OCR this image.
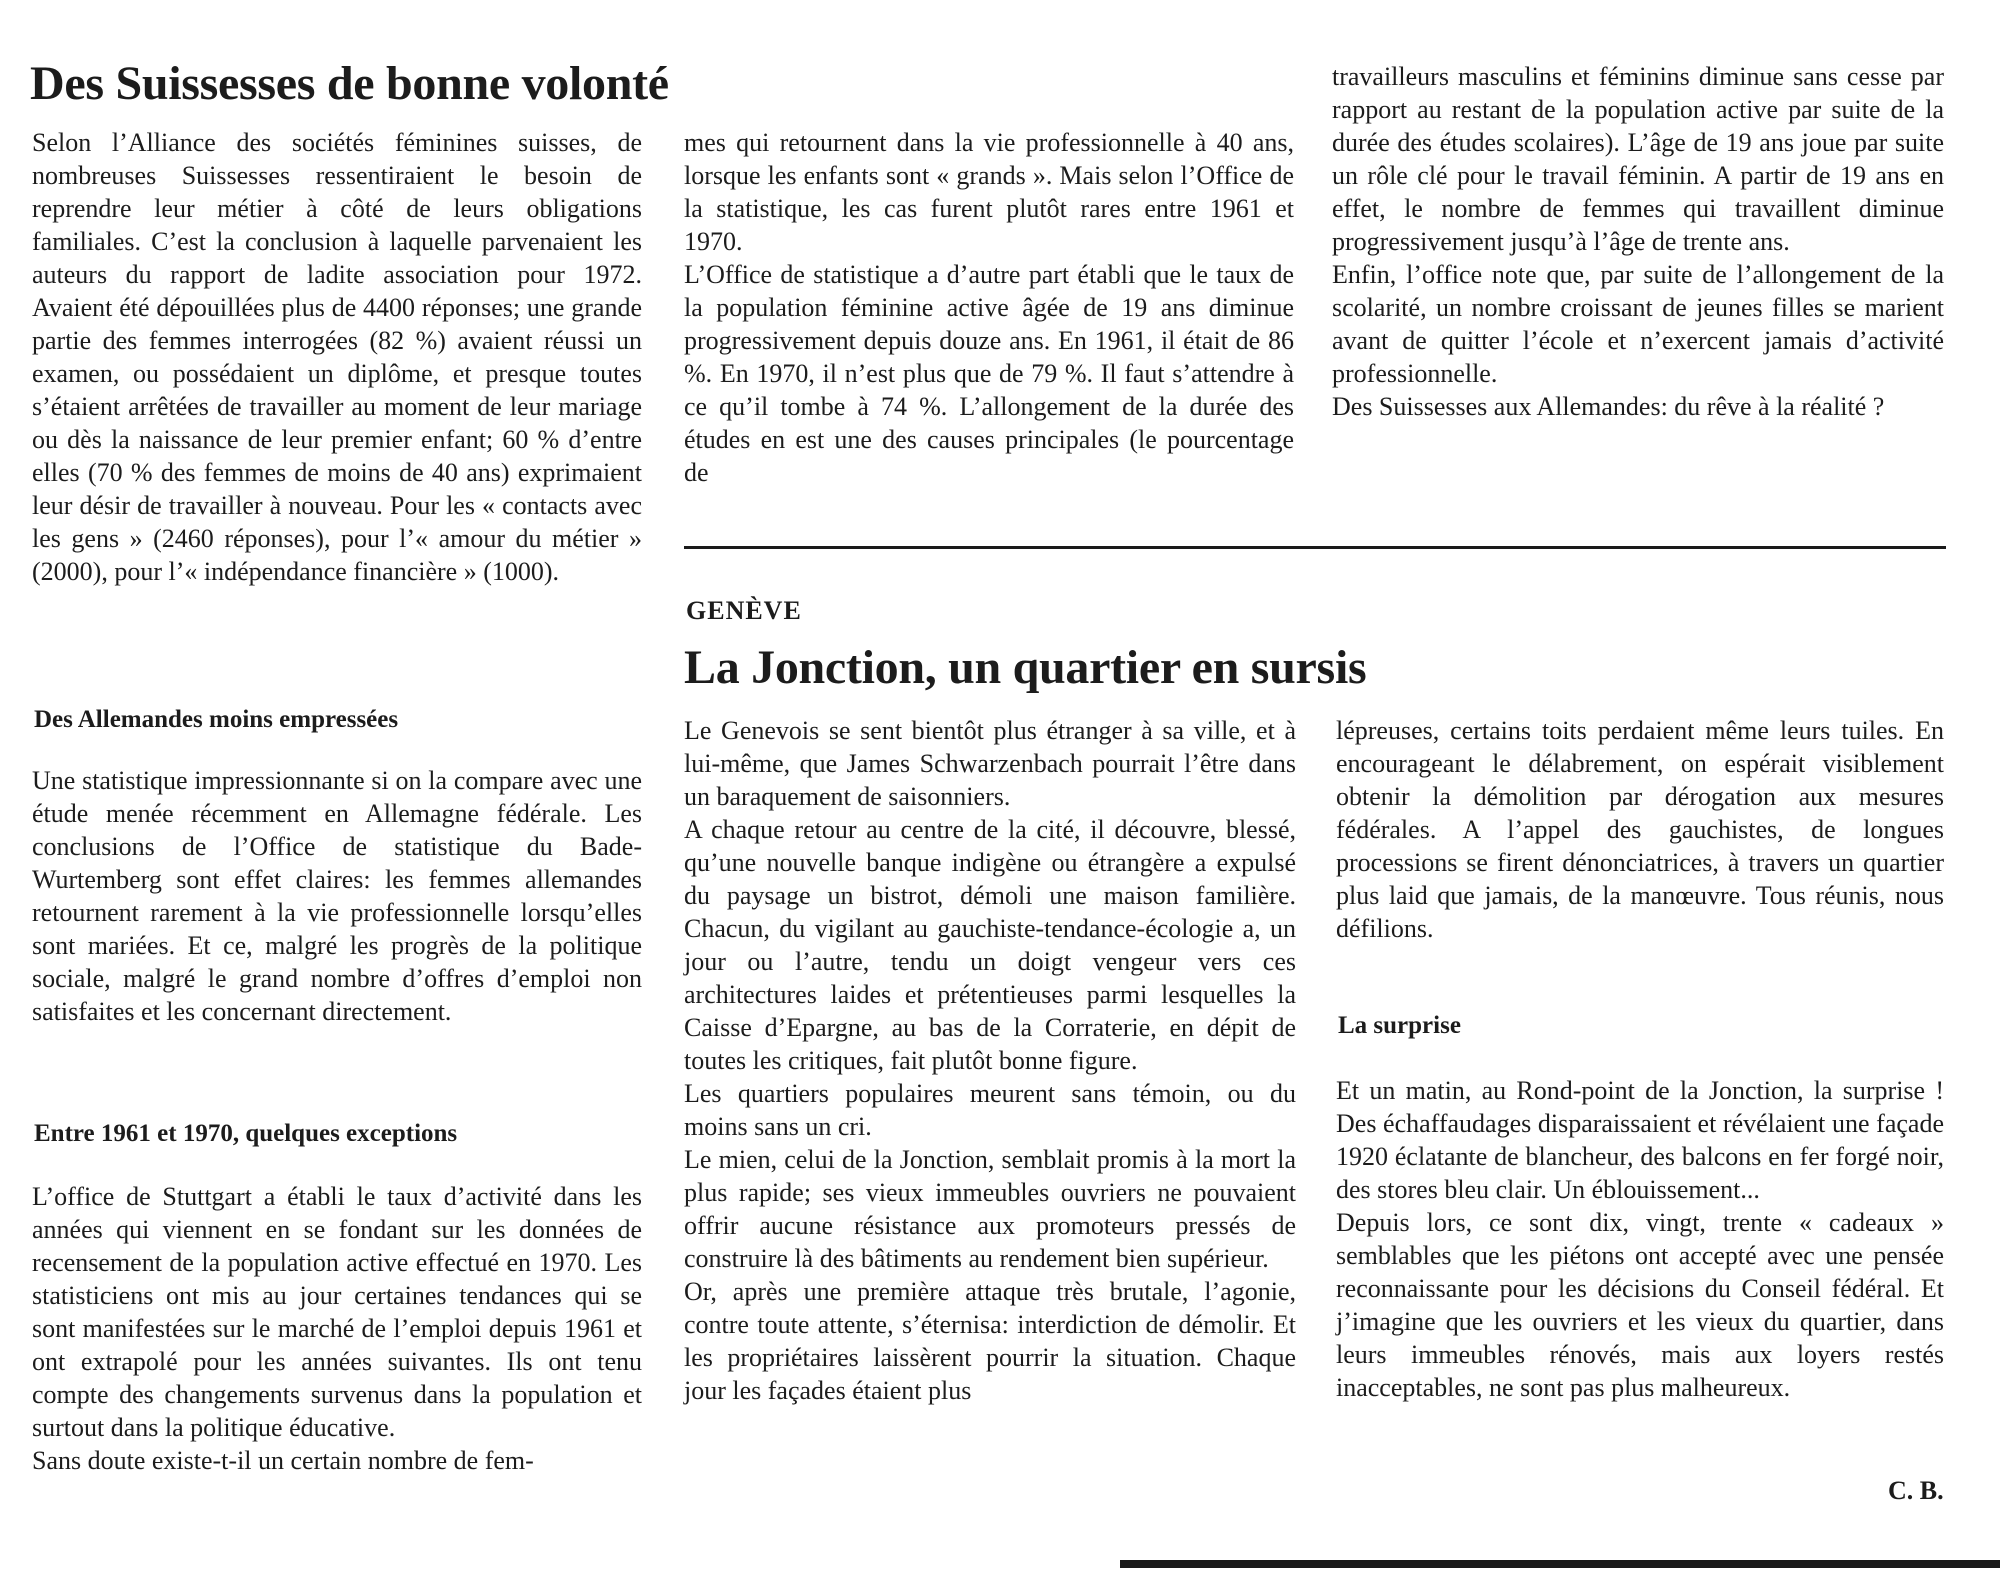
Des Suissesses de bonne volonté

Selon l’Alliance des sociétés féminines suisses, de nombreuses Suissesses ressentiraient le besoin de reprendre leur métier à côté de leurs obligations familiales. C’est la conclusion à laquelle parvenaient les auteurs du rapport de ladite association pour 1972. Avaient été dépouillées plus de 4400 réponses; une grande partie des femmes interrogées (82 %) avaient réussi un examen, ou possédaient un diplôme, et presque toutes s’étaient arrêtées de travailler au moment de leur mariage ou dès la naissance de leur premier enfant; 60 % d’entre elles (70 % des femmes de moins de 40 ans) exprimaient leur désir de travailler à nouveau. Pour les « contacts avec les gens » (2460 réponses), pour l’« amour du métier » (2000), pour l’« indépendance financière » (1000).

Des Allemandes moins empressées

Une statistique impressionnante si on la compare avec une étude menée récemment en Allemagne fédérale. Les conclusions de l’Office de statistique du Bade-Wurtemberg sont effet claires: les femmes allemandes retournent rarement à la vie professionnelle lorsqu’elles sont mariées. Et ce, malgré les progrès de la politique sociale, malgré le grand nombre d’offres d’emploi non satisfaites et les concernant directement.

Entre 1961 et 1970, quelques exceptions

L’office de Stuttgart a établi le taux d’activité dans les années qui viennent en se fondant sur les données de recensement de la population active effectué en 1970. Les statisticiens ont mis au jour certaines tendances qui se sont manifestées sur le marché de l’emploi depuis 1961 et ont extrapolé pour les années suivantes. Ils ont tenu compte des changements survenus dans la population et surtout dans la politique éducative.

Sans doute existe-t-il un certain nombre de fem-

mes qui retournent dans la vie professionnelle à 40 ans, lorsque les enfants sont « grands ». Mais selon l’Office de la statistique, les cas furent plutôt rares entre 1961 et 1970.

L’Office de statistique a d’autre part établi que le taux de la population féminine active âgée de 19 ans diminue progressivement depuis douze ans. En 1961, il était de 86 %. En 1970, il n’est plus que de 79 %. Il faut s’attendre à ce qu’il tombe à 74 %. L’allongement de la durée des études en est une des causes principales (le pourcentage de

travailleurs masculins et féminins diminue sans cesse par rapport au restant de la population active par suite de la durée des études scolaires). L’âge de 19 ans joue par suite un rôle clé pour le travail féminin. A partir de 19 ans en effet, le nombre de femmes qui travaillent diminue progressivement jusqu’à l’âge de trente ans.

Enfin, l’office note que, par suite de l’allongement de la scolarité, un nombre croissant de jeunes filles se marient avant de quitter l’école et n’exercent jamais d’activité professionnelle.

Des Suissesses aux Allemandes: du rêve à la réalité ?

GENÈVE
La Jonction, un quartier en sursis

Le Genevois se sent bientôt plus étranger à sa ville, et à lui-même, que James Schwarzenbach pourrait l’être dans un baraquement de saisonniers.

A chaque retour au centre de la cité, il découvre, blessé, qu’une nouvelle banque indigène ou étrangère a expulsé du paysage un bistrot, démoli une maison familière. Chacun, du vigilant au gauchiste-tendance-écologie a, un jour ou l’autre, tendu un doigt vengeur vers ces architectures laides et prétentieuses parmi lesquelles la Caisse d’Epargne, au bas de la Corraterie, en dépit de toutes les critiques, fait plutôt bonne figure.

Les quartiers populaires meurent sans témoin, ou du moins sans un cri.

Le mien, celui de la Jonction, semblait promis à la mort la plus rapide; ses vieux immeubles ouvriers ne pouvaient offrir aucune résistance aux promoteurs pressés de construire là des bâtiments au rendement bien supérieur.

Or, après une première attaque très brutale, l’agonie, contre toute attente, s’éternisa: interdiction de démolir. Et les propriétaires laissèrent pourrir la situation. Chaque jour les façades étaient plus

lépreuses, certains toits perdaient même leurs tuiles. En encourageant le délabrement, on espérait visiblement obtenir la démolition par dérogation aux mesures fédérales. A l’appel des gauchistes, de longues processions se firent dénonciatrices, à travers un quartier plus laid que jamais, de la manœuvre. Tous réunis, nous défilions.

La surprise

Et un matin, au Rond-point de la Jonction, la surprise ! Des échaffaudages disparaissaient et révélaient une façade 1920 éclatante de blancheur, des balcons en fer forgé noir, des stores bleu clair. Un éblouissement...

Depuis lors, ce sont dix, vingt, trente « cadeaux » semblables que les piétons ont accepté avec une pensée reconnaissante pour les décisions du Conseil fédéral. Et j’imagine que les ouvriers et les vieux du quartier, dans leurs immeubles rénovés, mais aux loyers restés inacceptables, ne sont pas plus malheureux.

C. B.
